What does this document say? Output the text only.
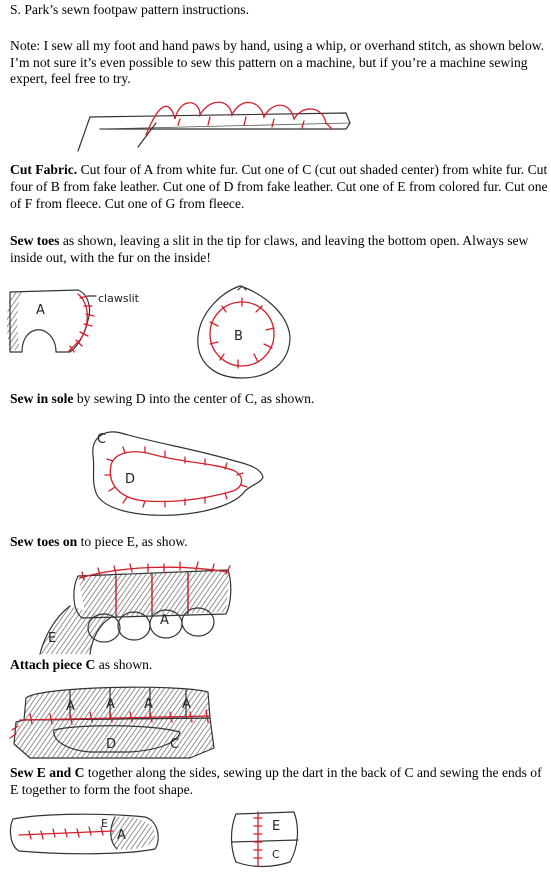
S. Park’s sewn footpaw pattern instructions.
Note: I sew all my foot and hand paws by hand, using a whip, or overhand stitch, as shown below. I’m not sure it’s even possible to sew this pattern on a machine, but if you’re a machine sewing expert, feel free to try.
Cut Fabric. Cut four of A from white fur. Cut one of C (cut out shaded center) from white fur. Cut four of B from fake leather. Cut one of D from fake leather. Cut one of E from colored fur. Cut one of F from fleece. Cut one of G from fleece.
Sew toes as shown, leaving a slit in the tip for claws, and leaving the bottom open. Always sew inside out, with the fur on the inside!
A
clawslit
B
Sew in sole by sewing D into the center of C, as shown.
C
D
Sew toes on to piece E, as show.
E
A
Attach piece C as shown.
A A A A
D	C
Sew E and C together along the sides, sewing up the dart in the back of C and sewing the ends of E together to form the foot shape.
E
A
E
C
